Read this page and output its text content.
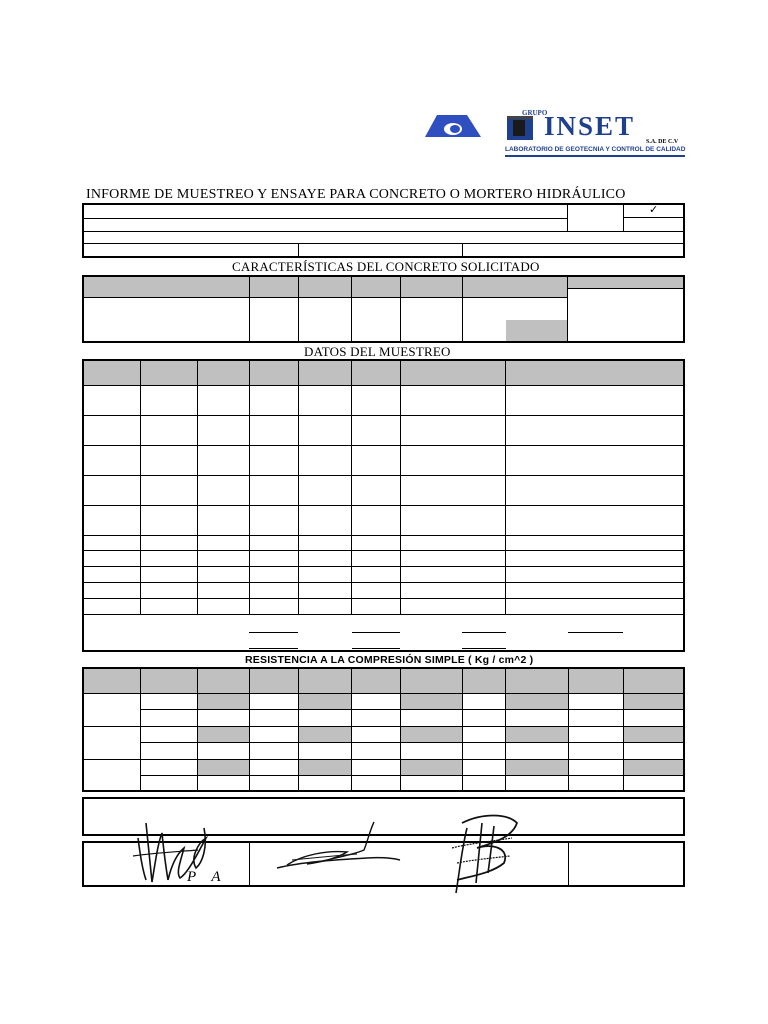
GRUPO
INSET
S.A. DE C.V
LABORATORIO DE GEOTECNIA Y CONTROL DE CALIDAD
INFORME DE MUESTREO Y ENSAYE PARA CONCRETO O MORTERO HIDRÁULICO
✓
CARACTERÍSTICAS DEL CONCRETO SOLICITADO
DATOS DEL MUESTREO
RESISTENCIA A LA COMPRESIÓN SIMPLE ( Kg / cm^2 )
P A
